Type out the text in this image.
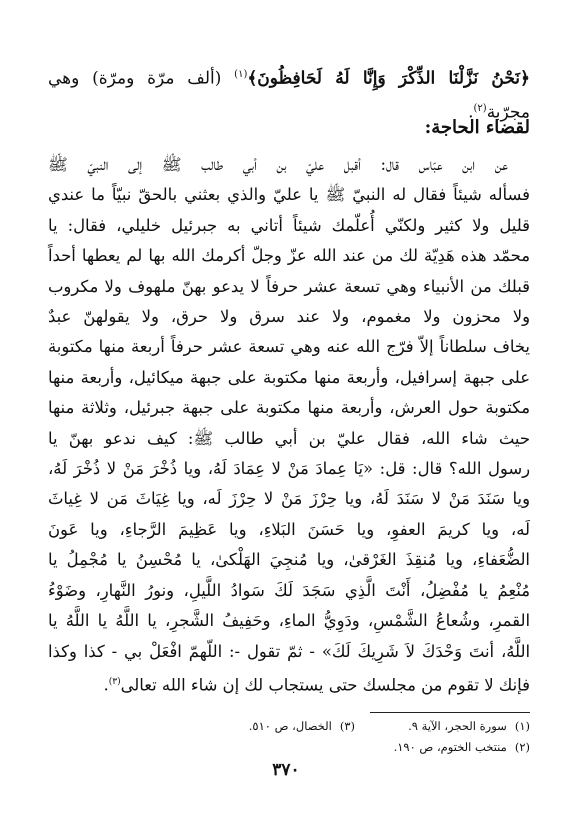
﴿نَحْنُ نَزَّلْنَا الذِّكْرَ وَإِنَّا لَهُ لَحَافِظُونَ﴾$^{(١)}$ (ألف مرّة ومرّة) وهي مجرّبة$^{(٢)}$.
لقضاء الحاجة:
عن ابن عبّاس قال: أقبل عليّ بن أبي طالب ﷺ إلى النبيّ ﷺ
فسأله شيئاً فقال له النبيّ ﷺ يا عليّ والذي بعثني بالحقّ نبيّاً ما عندي
قليل ولا كثير ولكنّي أُعلّمك شيئاً أتاني به جبرئيل خليلي، فقال: يا
محمّد هذه هَدِيّة لك من عند الله عزّ وجلّ أكرمك الله بها لم يعطها أحداً
قبلك من الأنبياء وهي تسعة عشر حرفاً لا يدعو بهنّ ملهوف ولا مكروب
ولا محزون ولا مغموم، ولا عند سرق ولا حرق، ولا يقولهنّ عبدٌ
يخاف سلطاناً إلاّ فرّج الله عنه وهي تسعة عشر حرفاً أربعة منها مكتوبة
على جبهة إسرافيل، وأربعة منها مكتوبة على جبهة ميكائيل، وأربعة منها
مكتوبة حول العرش، وأربعة منها مكتوبة على جبهة جبرئيل، وثلاثة منها
حيث شاء الله، فقال عليّ بن أبي طالب ﷺ: كيف ندعو بهنّ يا
رسول الله؟ قال: قل: «يَا عِمادَ مَنْ لا عِمَادَ لَهُ، ويا ذُخْرَ مَنْ لا ذُخْرَ لَهُ،
ويا سَنَدَ مَنْ لا سَنَدَ لَهُ، ويا حِرْزَ مَنْ لا حِرْزَ لَه، ويا غِيَاثَ مَن لا غِياثَ
لَه، ويا كريمَ العفوِ، ويا حَسَنَ البَلاءِ، ويا عَظِيمَ الرَّجاءِ، ويا عَونَ
الضُّعَفاءِ، ويا مُنقِذَ الغَرْقىٰ، ويا مُنجِيَ الهَلْكىٰ، يا مُحْسِنُ يا مُجْمِلُ يا
مُنْعِمُ يا مُفْضِلُ، أَنْتَ الَّذِي سَجَدَ لَكَ سَوادُ اللَّيلِ، ونورُ النَّهارِ، وضَوْءُ
القمرِ، وشُعاعُ الشَّمْسِ، ودَوِيُّ الماءِ، وحَفِيفُ الشَّجرِ، يا اللَّهُ يا اللَّهُ يا
اللَّهُ، أنتَ وَحْدَكَ لاَ شَرِيكَ لَكَ» - ثمّ تقول -: اللّهمّ افْعَلْ بي - كذا وكذا
فإنك لا تقوم من مجلسك حتى يستجاب لك إن شاء الله تعالى$^{(٣)}$.
(١)سورة الحجر، الآية ٩.
(٣)الخصال، ص ٥١٠.
(٢)منتخب الختوم، ص ١٩٠.
٣٧٠
